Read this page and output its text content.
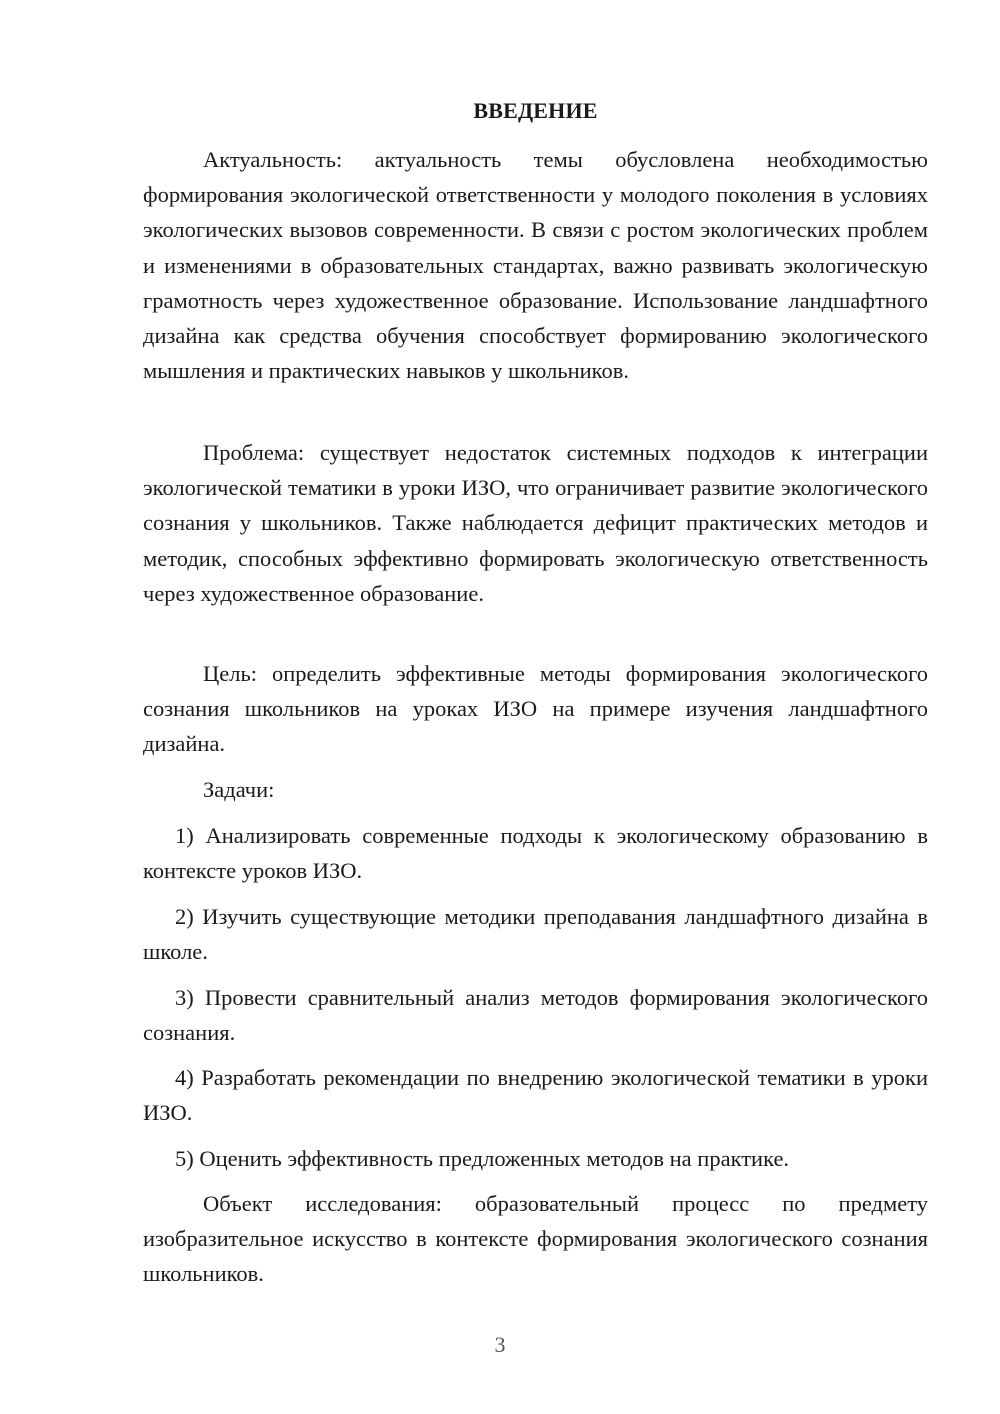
ВВЕДЕНИЕ
Актуальность: актуальность темы обусловлена необходимостью формирования экологической ответственности у молодого поколения в условиях экологических вызовов современности. В связи с ростом экологических проблем и изменениями в образовательных стандартах, важно развивать экологическую грамотность через художественное образование. Использование ландшафтного дизайна как средства обучения способствует формированию экологического мышления и практических навыков у школьников.
Проблема: существует недостаток системных подходов к интеграции экологической тематики в уроки ИЗО, что ограничивает развитие экологического сознания у школьников. Также наблюдается дефицит практических методов и методик, способных эффективно формировать экологическую ответственность через художественное образование.
Цель: определить эффективные методы формирования экологического сознания школьников на уроках ИЗО на примере изучения ландшафтного дизайна.
Задачи:
1) Анализировать современные подходы к экологическому образованию в контексте уроков ИЗО.
2) Изучить существующие методики преподавания ландшафтного дизайна в школе.
3) Провести сравнительный анализ методов формирования экологического сознания.
4) Разработать рекомендации по внедрению экологической тематики в уроки ИЗО.
5) Оценить эффективность предложенных методов на практике.
Объект исследования: образовательный процесс по предмету изобразительное искусство в контексте формирования экологического сознания школьников.
3
